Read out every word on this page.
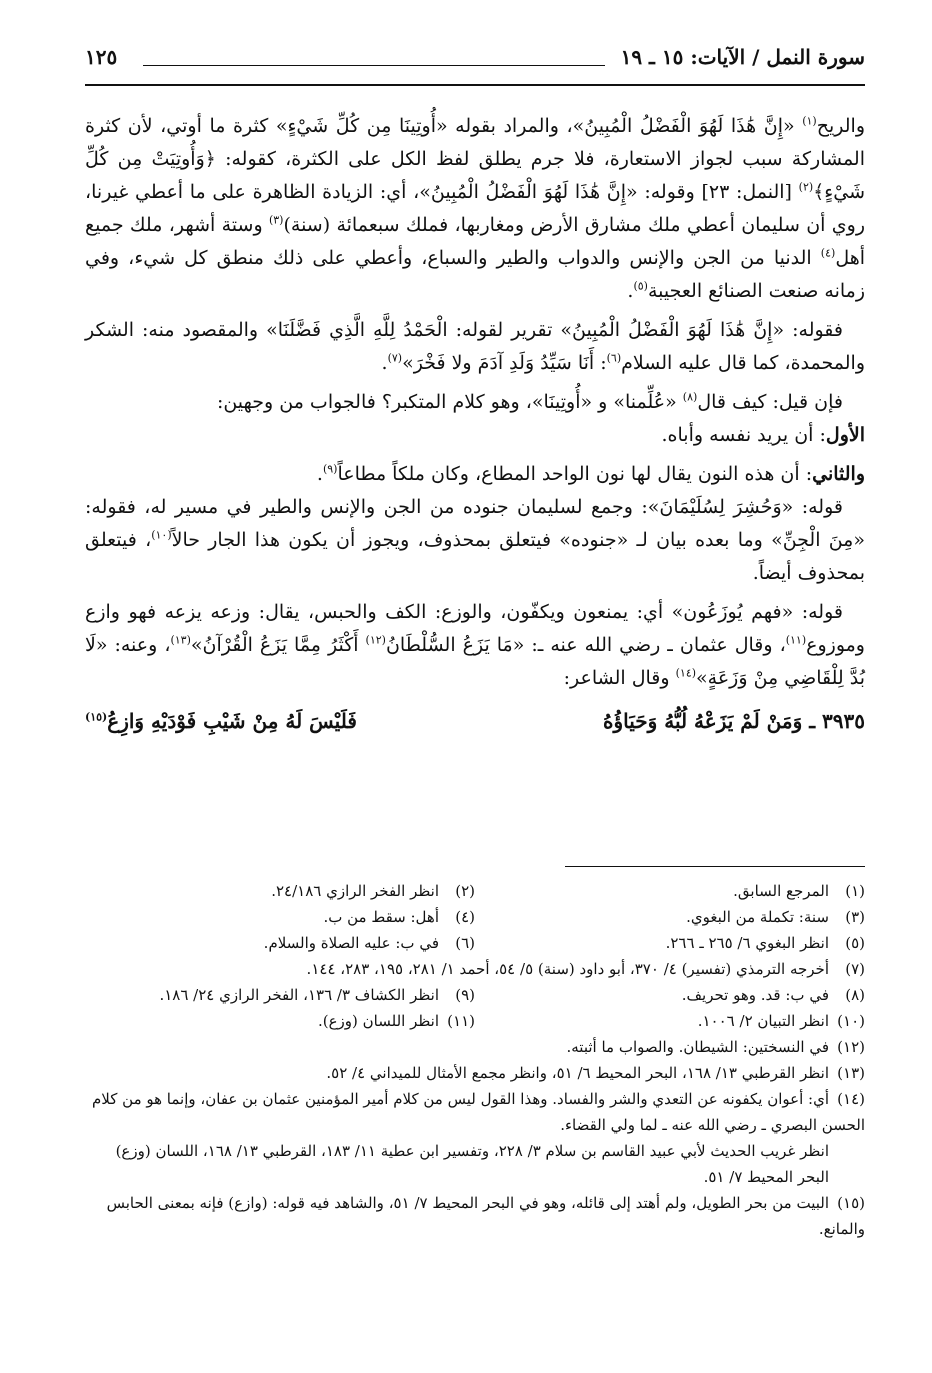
سورة النمل / الآيات: ١٥ ـ ١٩
١٢٥

والريح$^{(١)}$ «إِنَّ هَٰذَا لَهُوَ الْفَضْلُ الْمُبِينُ»، والمراد بقوله «أُوتِينَا مِن كُلِّ شَيْءٍ» كثرة ما أوتي، لأن كثرة المشاركة سبب لجواز الاستعارة، فلا جرم يطلق لفظ الكل على الكثرة، كقوله: ﴿وَأُوتِيَتْ مِن كُلِّ شَيْءٍ﴾$^{(٢)}$ [النمل: ٢٣] وقوله: «إِنَّ هَٰذَا لَهُوَ الْفَضْلُ الْمُبِينُ»، أي: الزيادة الظاهرة على ما أعطي غيرنا، روي أن سليمان أعطي ملك مشارق الأرض ومغاربها، فملك سبعمائة (سنة)$^{(٣)}$ وستة أشهر، ملك جميع أهل$^{(٤)}$ الدنيا من الجن والإنس والدواب والطير والسباع، وأعطي على ذلك منطق كل شيء، وفي زمانه صنعت الصنائع العجيبة$^{(٥)}$.

فقوله: «إِنَّ هَٰذَا لَهُوَ الْفَضْلُ الْمُبِينُ» تقرير لقوله: الْحَمْدُ لِلَّهِ الَّذِي فَضَّلَنَا» والمقصود منه: الشكر والمحمدة، كما قال عليه السلام$^{(٦)}$: أَنَا سَيِّدُ وَلَدِ آدَمَ ولا فَخْرَ»$^{(٧)}$.

فإن قيل: كيف قال$^{(٨)}$ «عُلِّمنا» و «أُوتِينَا»، وهو كلام المتكبر؟ فالجواب من وجهين:

الأول: أن يريد نفسه وأباه.

والثاني: أن هذه النون يقال لها نون الواحد المطاع، وكان ملكاً مطاعاً$^{(٩)}$.

قوله: «وَحُشِرَ لِسُلَيْمَانَ»: وجمع لسليمان جنوده من الجن والإنس والطير في مسير له، فقوله: «مِنَ الْجِنِّ» وما بعده بيان لـ «جنوده» فيتعلق بمحذوف، ويجوز أن يكون هذا الجار حالاً$^{(١٠)}$، فيتعلق بمحذوف أيضاً.

قوله: «فهم يُوزَعُون» أي: يمنعون ويكفّون، والوزع: الكف والحبس، يقال: وزعه يزعه فهو وازع وموزوع$^{(١١)}$، وقال عثمان ـ رضي الله عنه ـ: «مَا يَزَعُ السُّلْطَانُ$^{(١٢)}$ أَكْثَرُ مِمَّا يَزَعُ الْقُرْآنُ»$^{(١٣)}$، وعنه: «لَا بُدَّ لِلْقَاضِي مِنْ وَزَعَةٍ»$^{(١٤)}$ وقال الشاعر:

٣٩٣٥ ـ وَمَنْ لَمْ يَزَعْهُ لُبُّهُ وَحَيَاؤُهُ
فَلَيْسَ لَهُ مِنْ شَيْبِ فَوْدَيْهِ وَازِعُ$^{(١٥)}$
(١)المرجع السابق.
(٢)انظر الفخر الرازي ٢٤/١٨٦.
(٣)سنة: تكملة من البغوي.
(٤)أهل: سقط من ب.
(٥)انظر البغوي ٦/ ٢٦٥ ـ ٢٦٦.
(٦)في ب: عليه الصلاة والسلام.
(٧)أخرجه الترمذي (تفسير) ٤/ ٣٧٠، أبو داود (سنة) ٥/ ٥٤، أحمد ١/ ٢٨١، ١٩٥، ٢٨٣، ١٤٤.
(٨)في ب: قد. وهو تحريف.
(٩)انظر الكشاف ٣/ ١٣٦، الفخر الرازي ٢٤/ ١٨٦.
(١٠)انظر التبيان ٢/ ١٠٠٦.
(١١)انظر اللسان (وزع).
(١٢)في النسختين: الشيطان. والصواب ما أثبته.
(١٣)انظر القرطبي ١٣/ ١٦٨، البحر المحيط ٦/ ٥١، وانظر مجمع الأمثال للميداني ٤/ ٥٢.
(١٤)أي: أعوان يكفونه عن التعدي والشر والفساد. وهذا القول ليس من كلام أمير المؤمنين عثمان بن عفان، وإنما هو من كلام الحسن البصري ـ رضي الله عنه ـ لما ولي القضاء.
انظر غريب الحديث لأبي عبيد القاسم بن سلام ٣/ ٢٢٨، وتفسير ابن عطية ١١/ ١٨٣، القرطبي ١٣/ ١٦٨، اللسان (وزع) البحر المحيط ٧/ ٥١.
(١٥)البيت من بحر الطويل، ولم أهتد إلى قائله، وهو في البحر المحيط ٧/ ٥١، والشاهد فيه قوله: (وازع) فإنه بمعنى الحابس والمانع.
